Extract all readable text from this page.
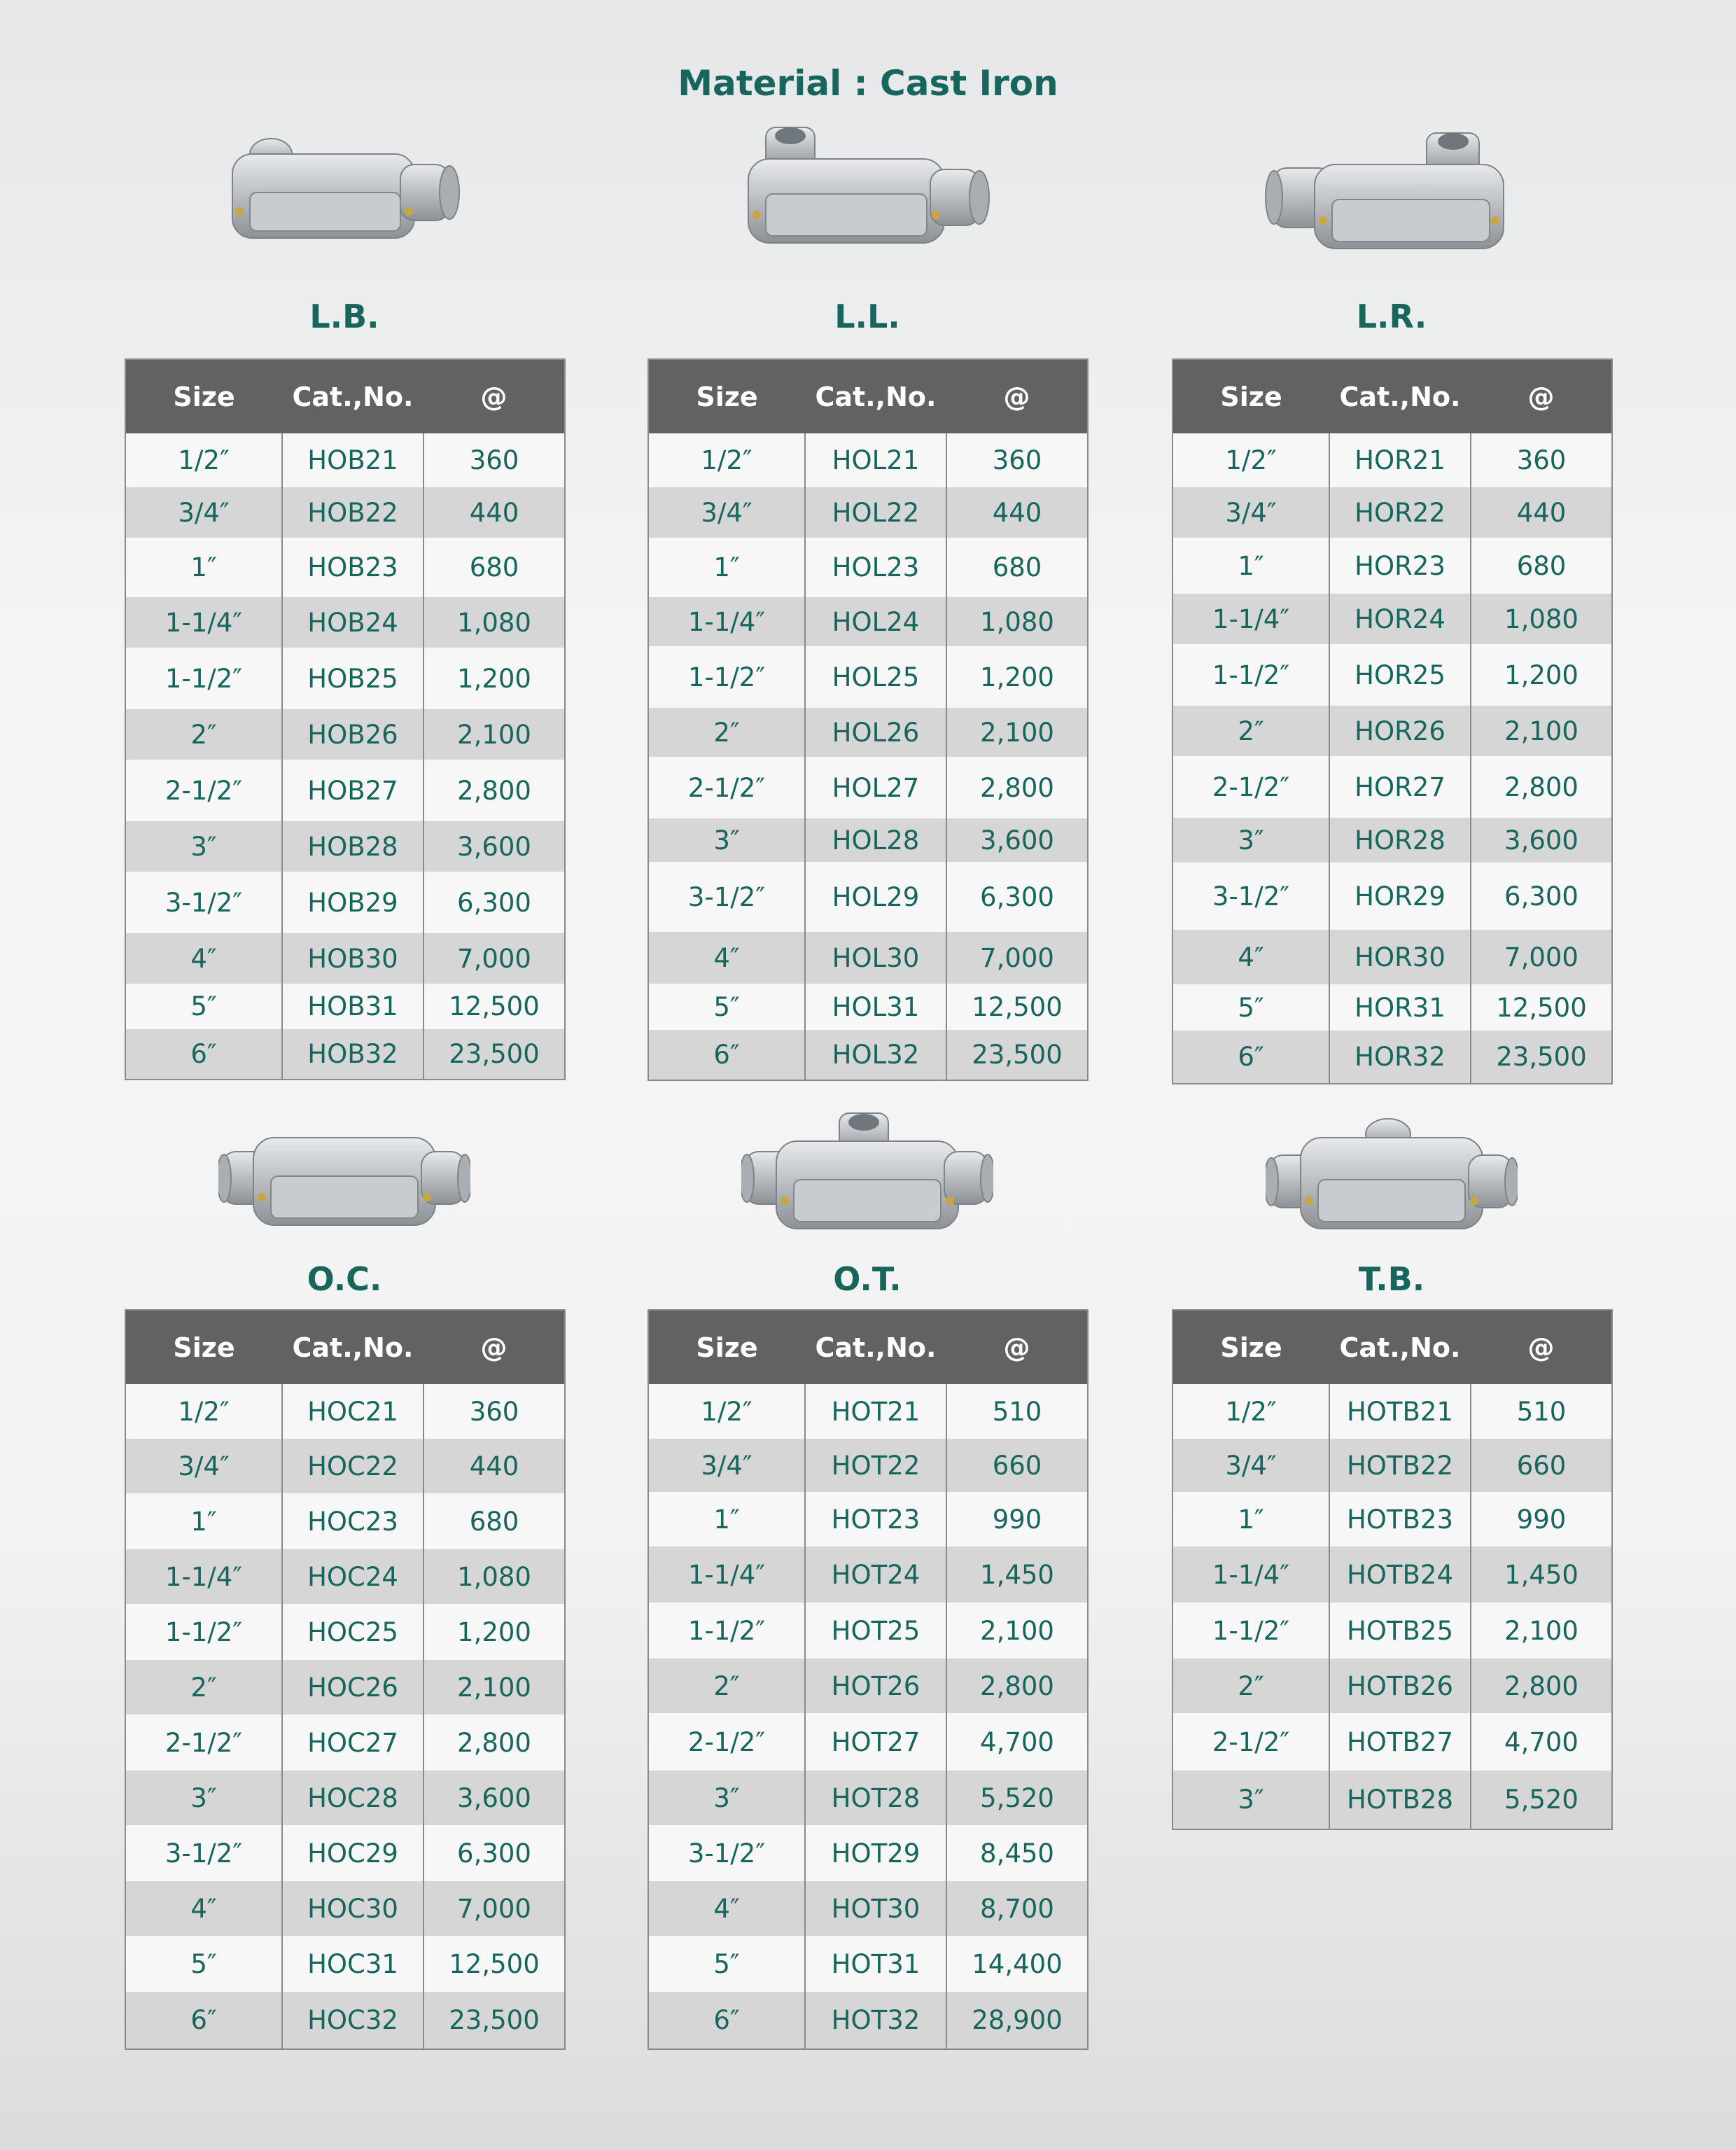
Material : Cast Iron
L.B.
Size	Cat.,No.	@
1/2″	HOB21	360
3/4″	HOB22	440
1″	HOB23	680
1-1/4″	HOB24	1,080
1-1/2″	HOB25	1,200
2″	HOB26	2,100
2-1/2″	HOB27	2,800
3″	HOB28	3,600
3-1/2″	HOB29	6,300
4″	HOB30	7,000
5″	HOB31	12,500
6″	HOB32	23,500
L.L.
Size	Cat.,No.	@
1/2″	HOL21	360
3/4″	HOL22	440
1″	HOL23	680
1-1/4″	HOL24	1,080
1-1/2″	HOL25	1,200
2″	HOL26	2,100
2-1/2″	HOL27	2,800
3″	HOL28	3,600
3-1/2″	HOL29	6,300
4″	HOL30	7,000
5″	HOL31	12,500
6″	HOL32	23,500
L.R.
Size	Cat.,No.	@
1/2″	HOR21	360
3/4″	HOR22	440
1″	HOR23	680
1-1/4″	HOR24	1,080
1-1/2″	HOR25	1,200
2″	HOR26	2,100
2-1/2″	HOR27	2,800
3″	HOR28	3,600
3-1/2″	HOR29	6,300
4″	HOR30	7,000
5″	HOR31	12,500
6″	HOR32	23,500
O.C.
Size	Cat.,No.	@
1/2″	HOC21	360
3/4″	HOC22	440
1″	HOC23	680
1-1/4″	HOC24	1,080
1-1/2″	HOC25	1,200
2″	HOC26	2,100
2-1/2″	HOC27	2,800
3″	HOC28	3,600
3-1/2″	HOC29	6,300
4″	HOC30	7,000
5″	HOC31	12,500
6″	HOC32	23,500
O.T.
Size	Cat.,No.	@
1/2″	HOT21	510
3/4″	HOT22	660
1″	HOT23	990
1-1/4″	HOT24	1,450
1-1/2″	HOT25	2,100
2″	HOT26	2,800
2-1/2″	HOT27	4,700
3″	HOT28	5,520
3-1/2″	HOT29	8,450
4″	HOT30	8,700
5″	HOT31	14,400
6″	HOT32	28,900
T.B.
Size	Cat.,No.	@
1/2″	HOTB21	510
3/4″	HOTB22	660
1″	HOTB23	990
1-1/4″	HOTB24	1,450
1-1/2″	HOTB25	2,100
2″	HOTB26	2,800
2-1/2″	HOTB27	4,700
3″	HOTB28	5,520
